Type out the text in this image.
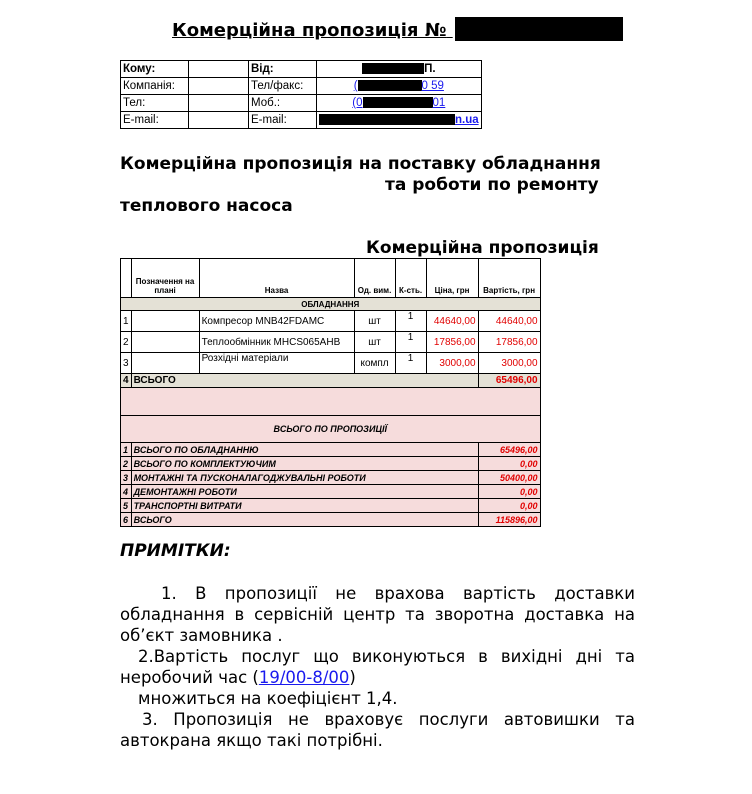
Комерційна пропозиція №
Кому:		Від:	П.
Компанія:		Тел/факс:	( 0 59
Тел:		Моб.:	(0 01
E-mail:		E-mail:	n.ua
Комерційна пропозиція на поставку обладнання
та роботи по ремонту
теплового насоса
Комерційна пропозиція
	Позначення на плані	Назва	Од. вим.	К-сть.	Ціна, грн	Вартість, грн
ОБЛАДНАННЯ						
1		Компресор MNB42FDAMC	шт	1	44640,00	44640,00
2		Теплообмінник MHCS065AHB	шт	1	17856,00	17856,00
3		Розхідні матеріали	компл	1	3000,00	3000,00
4	ВСЬОГО					65496,00

ВСЬОГО ПО ПРОПОЗИЦІЇ						
1	ВСЬОГО ПО ОБЛАДНАННЮ					65496,00
2	ВСЬОГО ПО КОМПЛЕКТУЮЧИМ					0,00
3	МОНТАЖНІ ТА ПУСКОНАЛАГОДЖУВАЛЬНІ РОБОТИ					50400,00
4	ДЕМОНТАЖНІ РОБОТИ					0,00
5	ТРАНСПОРТНІ ВИТРАТИ					0,00
6	ВСЬОГО					115896,00
ПРИМІТКИ:

1. В пропозиції не врахова вартість доставки обладнання в сервісній центр та зворотна доставка на об’єкт замовника .

2.Вартість послуг що виконуються в вихідні дні та неробочий час (19/00-8/00)

множиться на коефіцієнт 1,4.

3. Пропозиція не враховує послуги автовишки та автокрана якщо такі потрібні.
